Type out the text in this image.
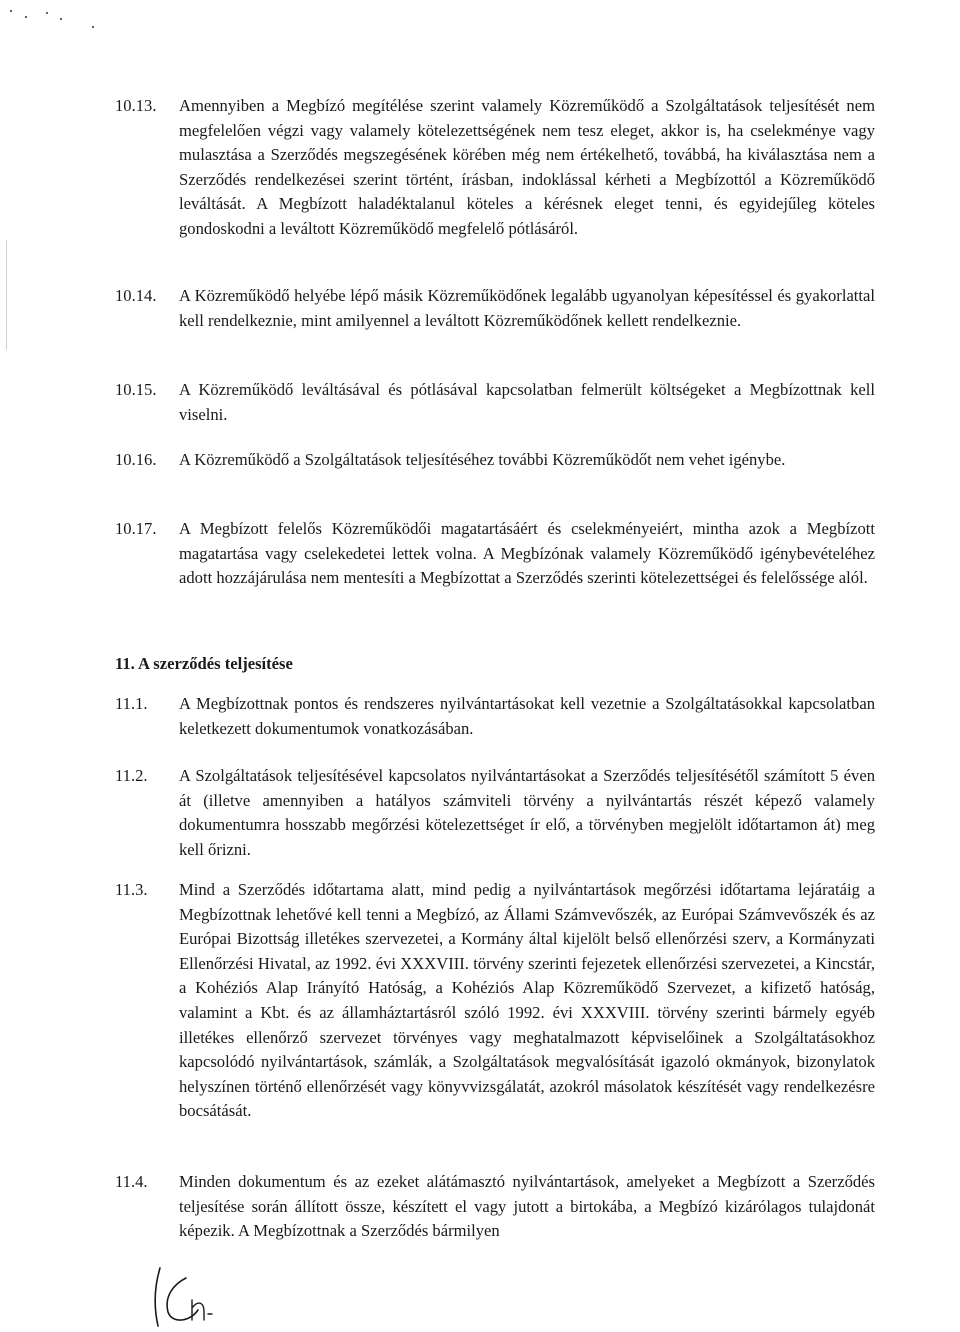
10.13.	Amennyiben a Megbízó megítélése szerint valamely Közreműködő a Szolgáltatások teljesítését nem megfelelően végzi vagy valamely kötelezettségének nem tesz eleget, akkor is, ha cselekménye vagy mulasztása a Szerződés megszegésének körében még nem értékelhető, továbbá, ha kiválasztása nem a Szerződés rendelkezései szerint történt, írásban, indoklással kérheti a Megbízottól a Közreműködő leváltását. A Megbízott haladéktalanul köteles a kérésnek eleget tenni, és egyidejűleg köteles gondoskodni a leváltott Közreműködő megfelelő pótlásáról.
10.14.	A Közreműködő helyébe lépő másik Közreműködőnek legalább ugyanolyan képesítéssel és gyakorlattal kell rendelkeznie, mint amilyennel a leváltott Közreműködőnek kellett rendelkeznie.
10.15.	A Közreműködő leváltásával és pótlásával kapcsolatban felmerült költségeket a Megbízottnak kell viselni.
10.16.	A Közreműködő a Szolgáltatások teljesítéséhez további Közreműködőt nem vehet igénybe.
10.17.	A Megbízott felelős Közreműködői magatartásáért és cselekményeiért, mintha azok a Megbízott magatartása vagy cselekedetei lettek volna. A Megbízónak valamely Közreműködő igénybevételéhez adott hozzájárulása nem mentesíti a Megbízottat a Szerződés szerinti kötelezettségei és felelőssége alól.
11. A szerződés teljesítése
11.1.	A Megbízottnak pontos és rendszeres nyilvántartásokat kell vezetnie a Szolgáltatásokkal kapcsolatban keletkezett dokumentumok vonatkozásában.
11.2.	A Szolgáltatások teljesítésével kapcsolatos nyilvántartásokat a Szerződés teljesítésétől számított 5 éven át (illetve amennyiben a hatályos számviteli törvény a nyilvántartás részét képező valamely dokumentumra hosszabb megőrzési kötelezettséget ír elő, a törvényben megjelölt időtartamon át) meg kell őrizni.
11.3.	Mind a Szerződés időtartama alatt, mind pedig a nyilvántartások megőrzési időtartama lejáratáig a Megbízottnak lehetővé kell tenni a Megbízó, az Állami Számvevőszék, az Európai Számvevőszék és az Európai Bizottság illetékes szervezetei, a Kormány által kijelölt belső ellenőrzési szerv, a Kormányzati Ellenőrzési Hivatal, az 1992. évi XXXVIII. törvény szerinti fejezetek ellenőrzési szervezetei, a Kincstár, a Kohéziós Alap Irányító Hatóság, a Kohéziós Alap Közreműködő Szervezet, a kifizető hatóság, valamint a Kbt. és az államháztartásról szóló 1992. évi XXXVIII. törvény szerinti bármely egyéb illetékes ellenőrző szervezet törvényes vagy meghatalmazott képviselőinek a Szolgáltatásokhoz kapcsolódó nyilvántartások, számlák, a Szolgáltatások megvalósítását igazoló okmányok, bizonylatok helyszínen történő ellenőrzését vagy könyvvizsgálatát, azokról másolatok készítését vagy rendelkezésre bocsátását.
11.4.	Minden dokumentum és az ezeket alátámasztó nyilvántartások, amelyeket a Megbízott a Szerződés teljesítése során állított össze, készített el vagy jutott a birtokába, a Megbízó kizárólagos tulajdonát képezik. A Megbízottnak a Szerződés bármilyen
